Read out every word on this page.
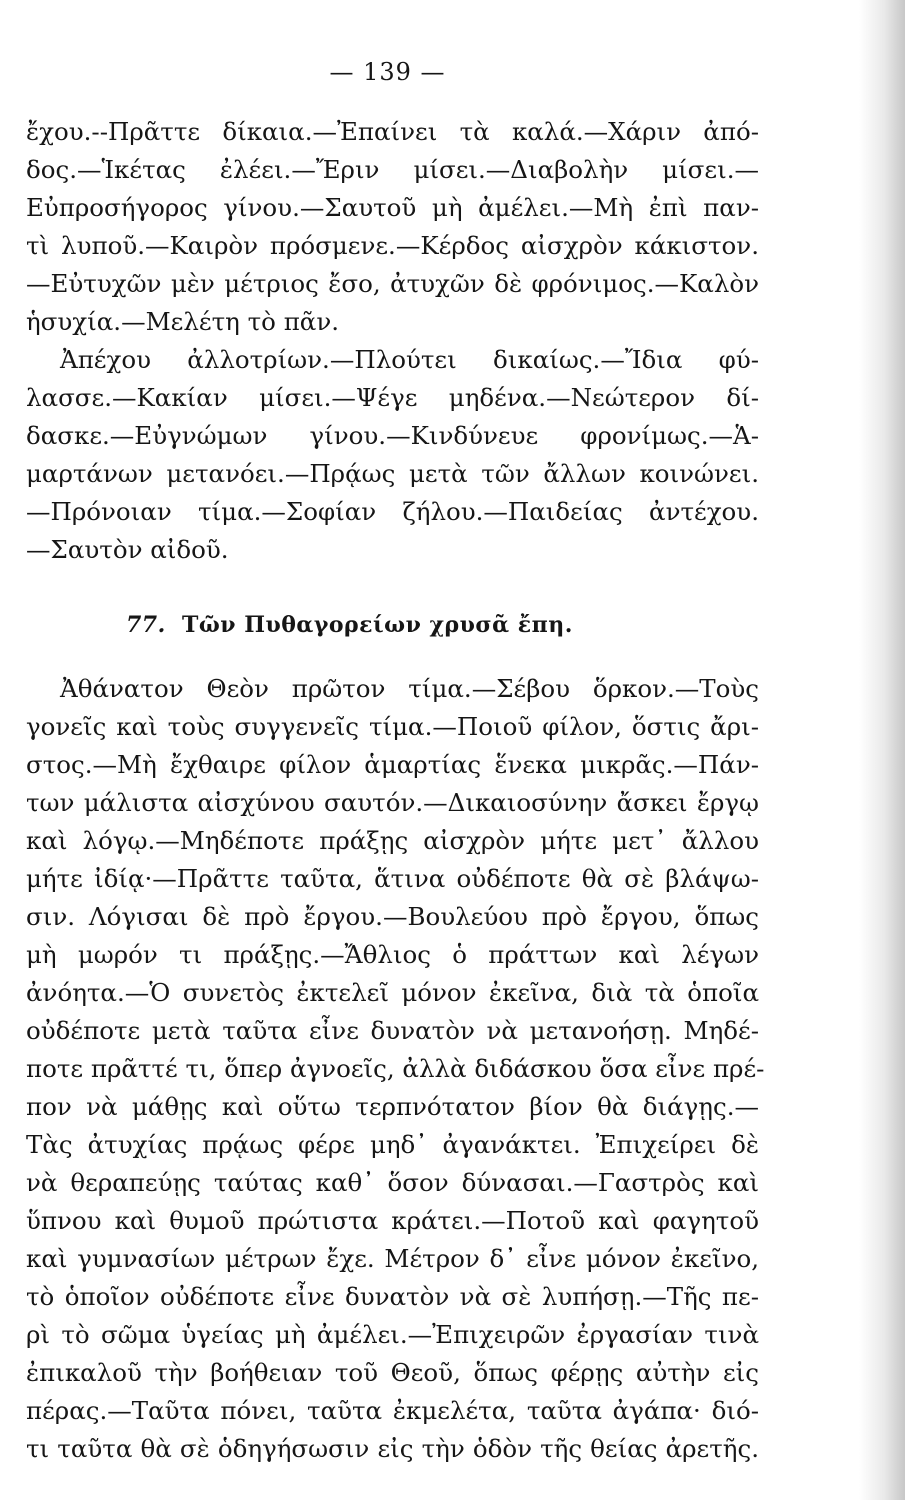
— 139 —
ἔχου.--Πρᾶττε δίκαια.—Ἐπαίνει τὰ καλά.—Χάριν ἀπό-
δος.—Ἱκέτας ἐλέει.—Ἔριν μίσει.—Διαβολὴν μίσει.—
Εὐπροσήγορος γίνου.—Σαυτοῦ μὴ ἀμέλει.—Μὴ ἐπὶ παν-
τὶ λυποῦ.—Καιρὸν πρόσμενε.—Κέρδος αἰσχρὸν κάκιστον.
—Εὐτυχῶν μὲν μέτριος ἔσο, ἀτυχῶν δὲ φρόνιμος.—Καλὸν
ἡσυχία.—Μελέτη τὸ πᾶν.
Ἀπέχου ἀλλοτρίων.—Πλούτει δικαίως.—Ἴδια φύ-
λασσε.—Κακίαν μίσει.—Ψέγε μηδένα.—Νεώτερον δί-
δασκε.—Εὐγνώμων γίνου.—Κινδύνευε φρονίμως.—Ἁ-
μαρτάνων μετανόει.—Πρᾴως μετὰ τῶν ἄλλων κοινώνει.
—Πρόνοιαν τίμα.—Σοφίαν ζήλου.—Παιδείας ἀντέχου.
—Σαυτὸν αἰδοῦ.
77. Τῶν Πυθαγορείων χρυσᾶ ἔπη.
Ἀθάνατον Θεὸν πρῶτον τίμα.—Σέβου ὅρκον.—Τοὺς
γονεῖς καὶ τοὺς συγγενεῖς τίμα.—Ποιοῦ φίλον, ὅστις ἄρι-
στος.—Μὴ ἔχθαιρε φίλον ἁμαρτίας ἕνεκα μικρᾶς.—Πάν-
των μάλιστα αἰσχύνου σαυτόν.—Δικαιοσύνην ἄσκει ἔργῳ
καὶ λόγῳ.—Μηδέποτε πράξῃς αἰσχρὸν μήτε μετ᾽ ἄλλου
μήτε ἰδίᾳ·—Πρᾶττε ταῦτα, ἅτινα οὐδέποτε θὰ σὲ βλάψω-
σιν. Λόγισαι δὲ πρὸ ἔργου.—Βουλεύου πρὸ ἔργου, ὅπως
μὴ μωρόν τι πράξῃς.—Ἄθλιος ὁ πράττων καὶ λέγων
ἀνόητα.—Ὁ συνετὸς ἐκτελεῖ μόνον ἐκεῖνα, διὰ τὰ ὁποῖα
οὐδέποτε μετὰ ταῦτα εἶνε δυνατὸν νὰ μετανοήσῃ. Μηδέ-
ποτε πρᾶττέ τι, ὅπερ ἀγνοεῖς, ἀλλὰ διδάσκου ὅσα εἶνε πρέ-
πον νὰ μάθῃς καὶ οὕτω τερπνότατον βίον θὰ διάγῃς.—
Τὰς ἀτυχίας πρᾴως φέρε μηδ᾽ ἀγανάκτει. Ἐπιχείρει δὲ
νὰ θεραπεύῃς ταύτας καθ᾽ ὅσον δύνασαι.—Γαστρὸς καὶ
ὕπνου καὶ θυμοῦ πρώτιστα κράτει.—Ποτοῦ καὶ φαγητοῦ
καὶ γυμνασίων μέτρων ἔχε. Μέτρον δ᾽ εἶνε μόνον ἐκεῖνο,
τὸ ὁποῖον οὐδέποτε εἶνε δυνατὸν νὰ σὲ λυπήσῃ.—Τῆς πε-
ρὶ τὸ σῶμα ὑγείας μὴ ἀμέλει.—Ἐπιχειρῶν ἐργασίαν τινὰ
ἐπικαλοῦ τὴν βοήθειαν τοῦ Θεοῦ, ὅπως φέρῃς αὐτὴν εἰς
πέρας.—Ταῦτα πόνει, ταῦτα ἐκμελέτα, ταῦτα ἀγάπα· διό-
τι ταῦτα θὰ σὲ ὁδηγήσωσιν εἰς τὴν ὁδὸν τῆς θείας ἀρετῆς.
